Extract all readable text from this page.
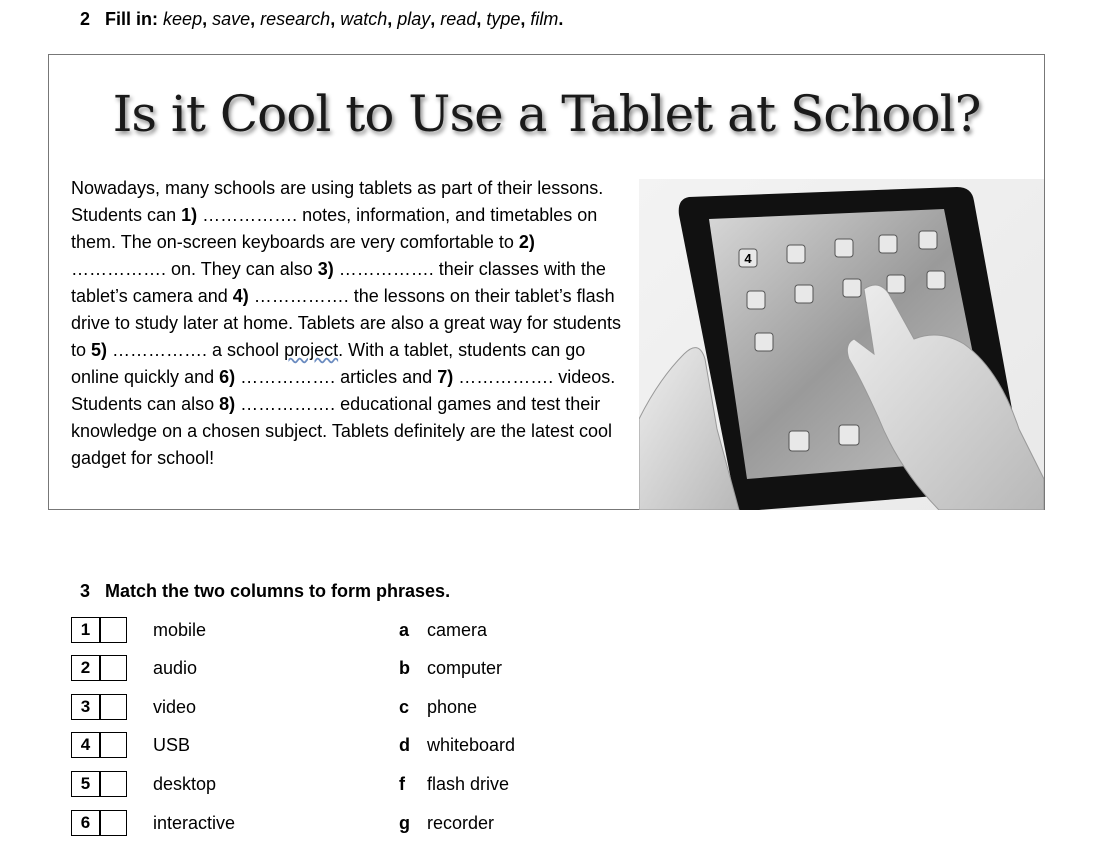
2 Fill in: keep, save, research, watch, play, read, type, film.
Is it Cool to Use a Tablet at School?
Nowadays, many schools are using tablets as part of their lessons. Students can 1) ……………. notes, information, and timetables on them. The on-screen keyboards are very comfortable to 2) ……………. on. They can also 3) ……………. their classes with the tablet’s camera and 4) ……………. the lessons on their tablet’s flash drive to study later at home. Tablets are also a great way for students to 5) ……………. a school project. With a tablet, students can go online quickly and 6) ……………. articles and 7) ……………. videos. Students can also 8) ……………. educational games and test their knowledge on a chosen subject. Tablets definitely are the latest cool gadget for school!
4
3 Match the two columns to form phrases.
1	mobile	a camera
2	audio	b computer
3	video	c phone
4	USB	d whiteboard
5	desktop	f flash drive
6	interactive	g recorder
